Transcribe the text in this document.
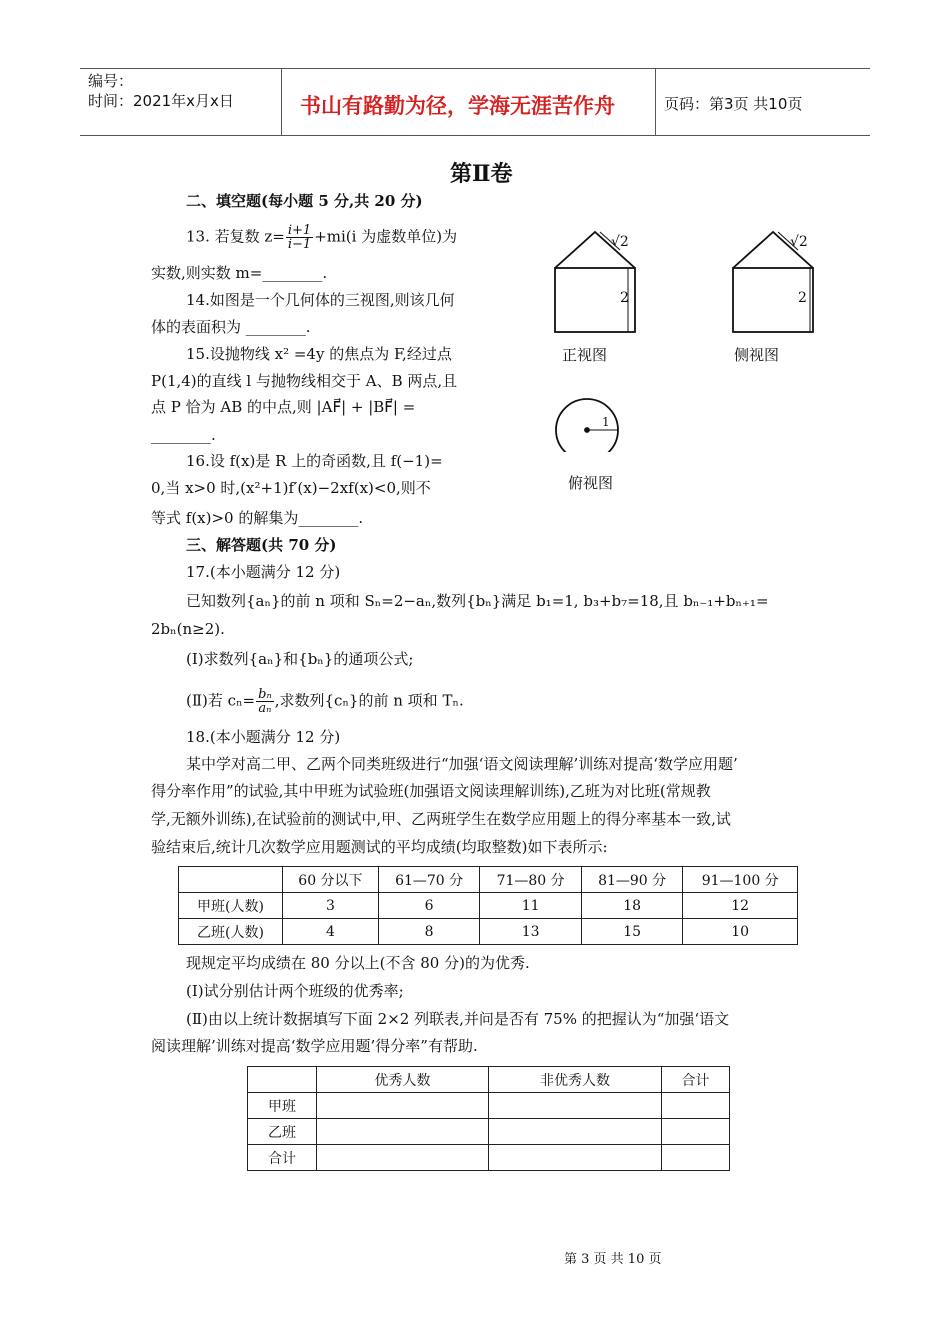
编号：
时间：2021年x月x日	书山有路勤为径，学海无涯苦作舟	页码：第3页 共10页
第Ⅱ卷
二、填空题(每小题 5 分,共 20 分)
13. 若复数 $z= \frac{i+1}{i-1} +mi(i$ 为虚数单位)为
实数,则实数 m=________.
14.如图是一个几何体的三视图,则该几何
体的表面积为 ________.
15.设抛物线 x² =4y 的焦点为 F,经过点
P(1,4)的直线 l 与抛物线相交于 A、B 两点,且
点 P 恰为 AB 的中点,则 |AF⃗| + |BF⃗| =
________.
16.设 f(x)是 R 上的奇函数,且 f(−1)=
0,当 x>0 时,(x²+1)f′(x)−2xf(x)<0,则不
等式 f(x)>0 的解集为________.
√2
2
√2
2
1
正视图	侧视图
俯视图
三、解答题(共 70 分)
17.(本小题满分 12 分)
已知数列{aₙ}的前 n 项和 Sₙ=2−aₙ,数列{bₙ}满足 b₁=1, b₃+b₇=18,且 bₙ₋₁+bₙ₊₁=
2bₙ(n≥2).
(Ⅰ)求数列{aₙ}和{bₙ}的通项公式;
(Ⅱ)若 $c_n= \frac{\text{bₙ}}{\text{aₙ}}$ ,求数列{cₙ}的前 n 项和 Tₙ.
18.(本小题满分 12 分)
某中学对高二甲、乙两个同类班级进行“加强‘语文阅读理解’训练对提高‘数学应用题’
得分率作用”的试验,其中甲班为试验班(加强语文阅读理解训练),乙班为对比班(常规教
学,无额外训练),在试验前的测试中,甲、乙两班学生在数学应用题上的得分率基本一致,试
验结束后,统计几次数学应用题测试的平均成绩(均取整数)如下表所示:
	60 分以下	61—70 分	71—80 分	81—90 分	91—100 分
甲班(人数)	3	6	11	18	12
乙班(人数)	4	8	13	15	10
现规定平均成绩在 80 分以上(不含 80 分)的为优秀.
(Ⅰ)试分别估计两个班级的优秀率;
(Ⅱ)由以上统计数据填写下面 2×2 列联表,并问是否有 75% 的把握认为“加强‘语文
阅读理解’训练对提高‘数学应用题’得分率”有帮助.
	优秀人数	非优秀人数	合计
甲班			
乙班			
合计			
第 3 页 共 10 页
